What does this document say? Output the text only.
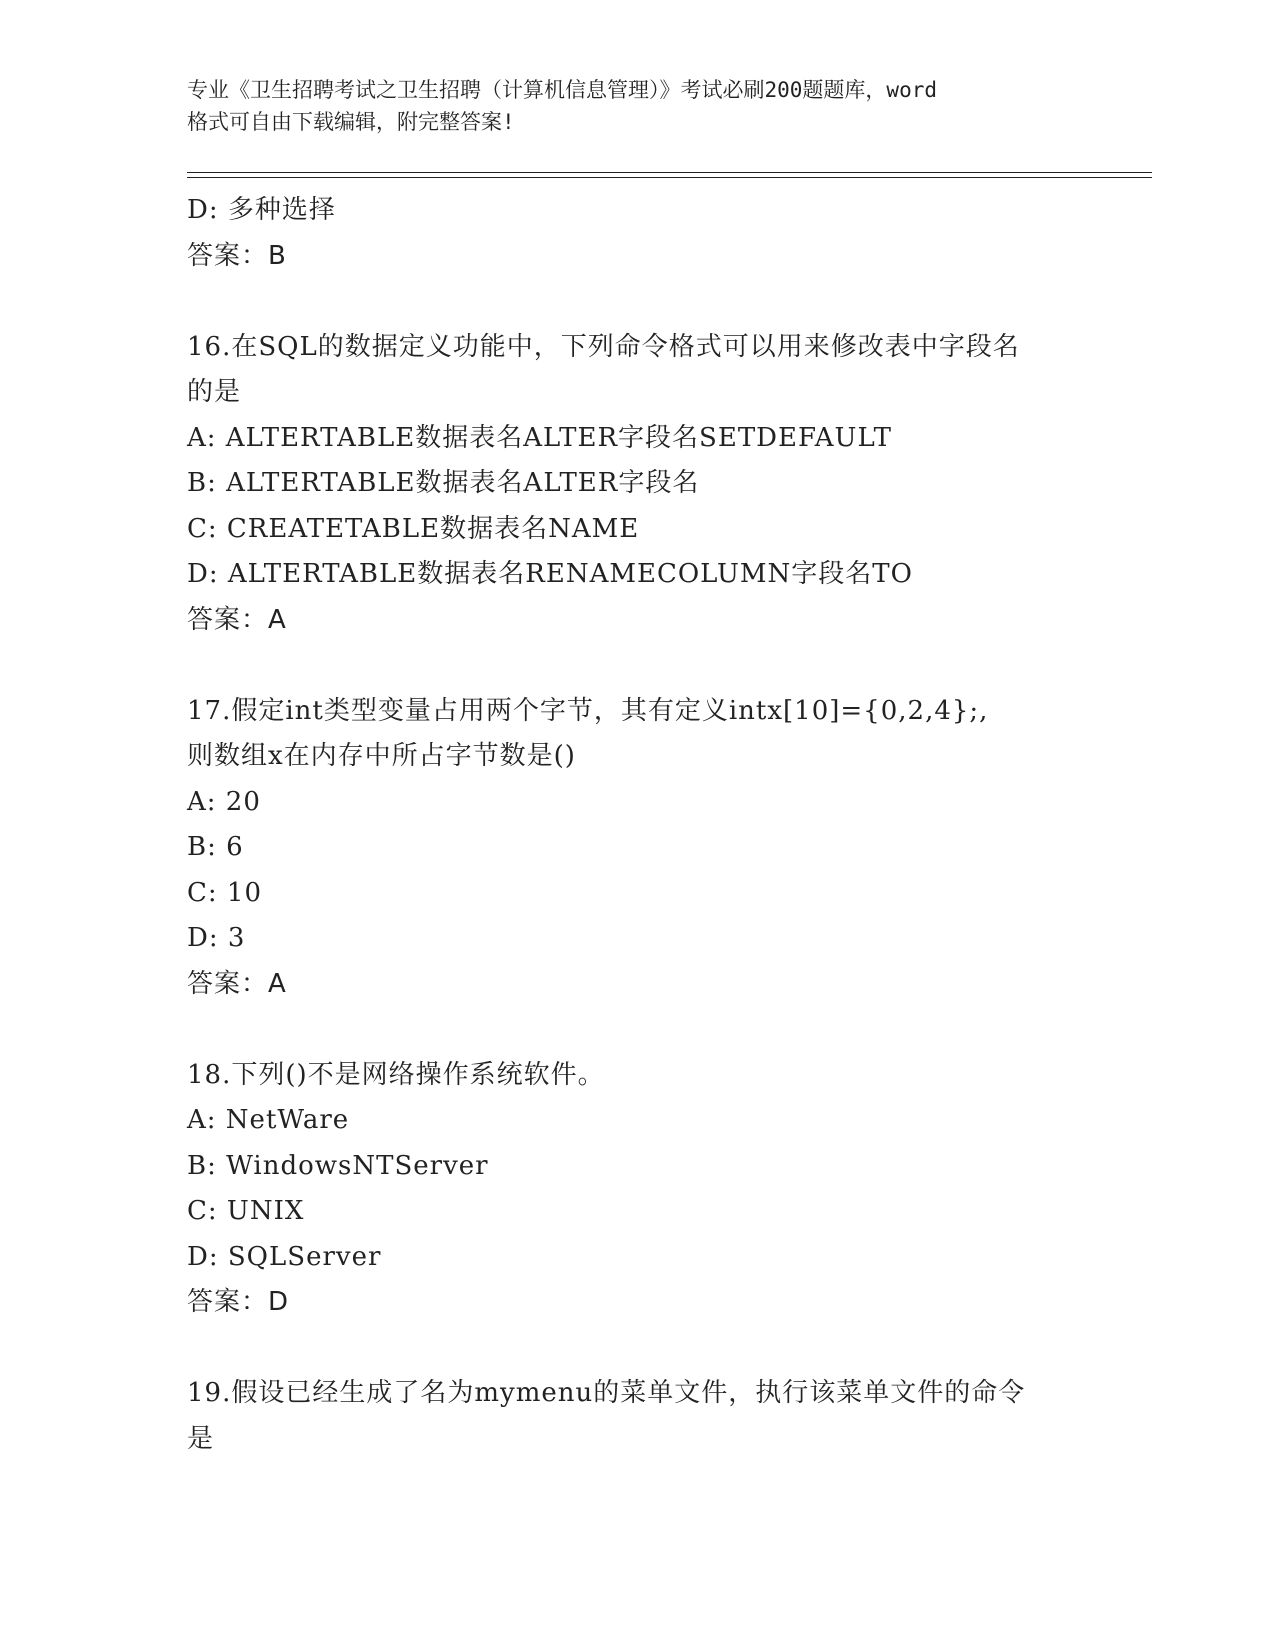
专业《卫生招聘考试之卫生招聘（计算机信息管理）》考试必刷200题题库，word
格式可自由下载编辑，附完整答案!
D: 多种选择
答案：B
16.在SQL的数据定义功能中，下列命令格式可以用来修改表中字段名
的是
A: ALTERTABLE数据表名ALTER字段名SETDEFAULT
B: ALTERTABLE数据表名ALTER字段名
C: CREATETABLE数据表名NAME
D: ALTERTABLE数据表名RENAMECOLUMN字段名TO
答案：A
17.假定int类型变量占用两个字节，其有定义intx[10]={0,2,4};,
则数组x在内存中所占字节数是()
A: 20
B: 6
C: 10
D: 3
答案：A
18.下列()不是网络操作系统软件。
A: NetWare
B: WindowsNTServer
C: UNIX
D: SQLServer
答案：D
19.假设已经生成了名为mymenu的菜单文件，执行该菜单文件的命令
是
